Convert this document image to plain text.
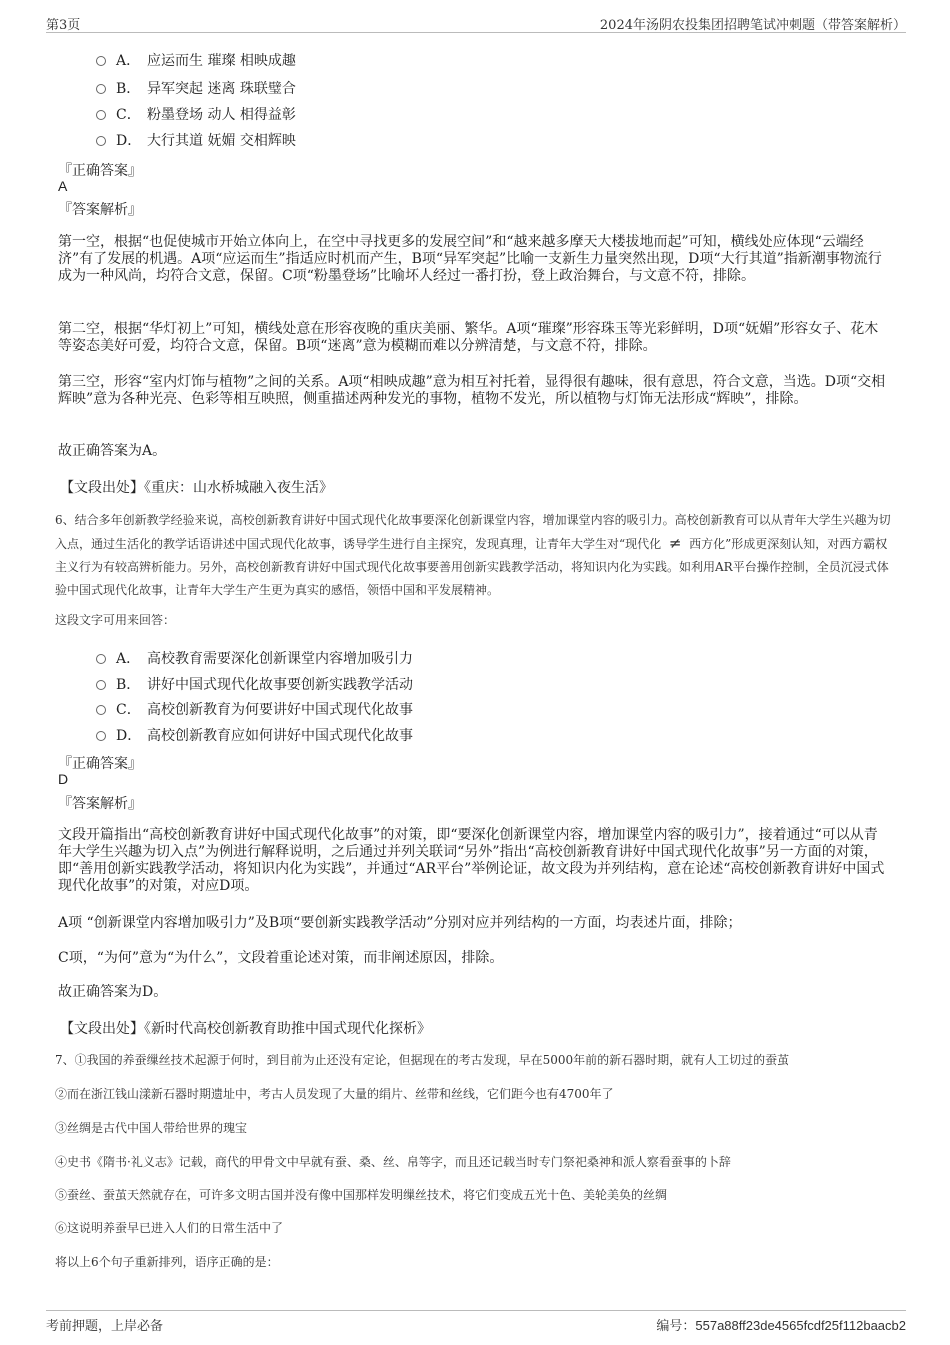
第3页	2024年汤阴农投集团招聘笔试冲刺题（带答案解析）
A． 应运而生 璀璨 相映成趣
B． 异军突起 迷离 珠联璧合
C． 粉墨登场 动人 相得益彰
D． 大行其道 妩媚 交相辉映
『正确答案』
A
『答案解析』
第一空，根据“也促使城市开始立体向上，在空中寻找更多的发展空间”和“越来越多摩天大楼拔地而起”可知，横线处应体现“云端经济”有了发展的机遇。A项“应运而生”指适应时机而产生，B项“异军突起”比喻一支新生力量突然出现，D项“大行其道”指新潮事物流行成为一种风尚，均符合文意，保留。C项“粉墨登场”比喻坏人经过一番打扮，登上政治舞台，与文意不符，排除。
第二空，根据“华灯初上”可知，横线处意在形容夜晚的重庆美丽、繁华。A项“璀璨”形容珠玉等光彩鲜明，D项“妩媚”形容女子、花木等姿态美好可爱，均符合文意，保留。B项“迷离”意为模糊而难以分辨清楚，与文意不符，排除。
第三空，形容“室内灯饰与植物”之间的关系。A项“相映成趣”意为相互衬托着，显得很有趣味，很有意思，符合文意，当选。D项“交相辉映”意为各种光亮、色彩等相互映照，侧重描述两种发光的事物，植物不发光，所以植物与灯饰无法形成“辉映”，排除。
故正确答案为A。
【文段出处】《重庆：山水桥城融入夜生活》
6、结合多年创新教学经验来说，高校创新教育讲好中国式现代化故事要深化创新课堂内容，增加课堂内容的吸引力。高校创新教育可以从青年大学生兴趣为切入点，通过生活化的教学话语讲述中国式现代化故事，诱导学生进行自主探究，发现真理，让青年大学生对“现代化 ≠ 西方化”形成更深刻认知，对西方霸权主义行为有较高辨析能力。另外，高校创新教育讲好中国式现代化故事要善用创新实践教学活动，将知识内化为实践。如利用AR平台操作控制，全员沉浸式体验中国式现代化故事，让青年大学生产生更为真实的感悟，领悟中国和平发展精神。
这段文字可用来回答：
A． 高校教育需要深化创新课堂内容增加吸引力
B． 讲好中国式现代化故事要创新实践教学活动
C． 高校创新教育为何要讲好中国式现代化故事
D． 高校创新教育应如何讲好中国式现代化故事
『正确答案』
D
『答案解析』
文段开篇指出“高校创新教育讲好中国式现代化故事”的对策，即“要深化创新课堂内容，增加课堂内容的吸引力”，接着通过“可以从青年大学生兴趣为切入点”为例进行解释说明，之后通过并列关联词“另外”指出“高校创新教育讲好中国式现代化故事”另一方面的对策，即“善用创新实践教学活动，将知识内化为实践”，并通过“AR平台”举例论证，故文段为并列结构，意在论述“高校创新教育讲好中国式现代化故事”的对策，对应D项。
A项 “创新课堂内容增加吸引力”及B项“要创新实践教学活动”分别对应并列结构的一方面，均表述片面，排除；
C项，“为何”意为“为什么”，文段着重论述对策，而非阐述原因，排除。
故正确答案为D。
【文段出处】《新时代高校创新教育助推中国式现代化探析》
7、①我国的养蚕缫丝技术起源于何时，到目前为止还没有定论，但据现在的考古发现，早在5000年前的新石器时期，就有人工切过的蚕茧
②而在浙江钱山漾新石器时期遗址中，考古人员发现了大量的绢片、丝带和丝线，它们距今也有4700年了
③丝绸是古代中国人带给世界的瑰宝
④史书《隋书·礼义志》记载，商代的甲骨文中早就有蚕、桑、丝、帛等字，而且还记载当时专门祭祀桑神和派人察看蚕事的卜辞
⑤蚕丝、蚕茧天然就存在，可许多文明古国并没有像中国那样发明缫丝技术，将它们变成五光十色、美轮美奂的丝绸
⑥这说明养蚕早已进入人们的日常生活中了
将以上6个句子重新排列，语序正确的是：
考前押题，上岸必备	编号：557a88ff23de4565fcdf25f112baacb2
